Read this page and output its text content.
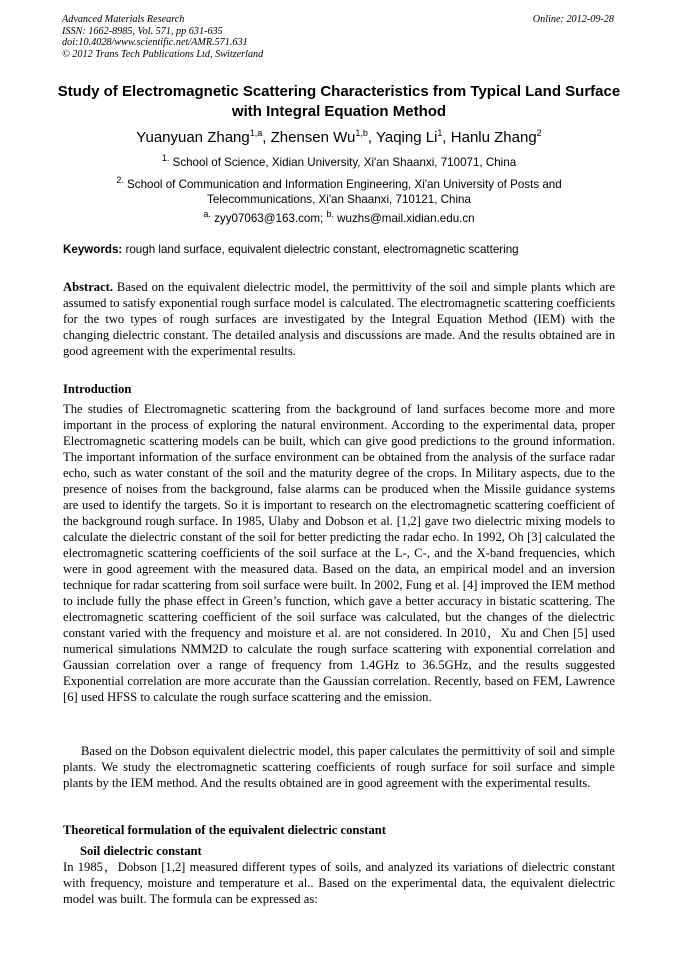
Advanced Materials Research
ISSN: 1662-8985, Vol. 571, pp 631-635
doi:10.4028/www.scientific.net/AMR.571.631
© 2012 Trans Tech Publications Ltd, Switzerland
Online: 2012-09-28
Study of Electromagnetic Scattering Characteristics from Typical Land Surface with Integral Equation Method
Yuanyuan Zhang$^{1,a}$, Zhensen Wu$^{1,b}$, Yaqing Li$^1$, Hanlu Zhang$^2$
$^{1.}$ School of Science, Xidian University, Xi'an Shaanxi, 710071, China
$^{2.}$ School of Communication and Information Engineering, Xi'an University of Posts and Telecommunications, Xi'an Shaanxi, 710121, China
$^{a.}$ zyy07063@163.com; $^{b.}$ wuzhs@mail.xidian.edu.cn
Keywords: rough land surface, equivalent dielectric constant, electromagnetic scattering

Abstract. Based on the equivalent dielectric model, the permittivity of the soil and simple plants which are assumed to satisfy exponential rough surface model is calculated. The electromagnetic scattering coefficients for the two types of rough surfaces are investigated by the Integral Equation Method (IEM) with the changing dielectric constant. The detailed analysis and discussions are made. And the results obtained are in good agreement with the experimental results.

Introduction

The studies of Electromagnetic scattering from the background of land surfaces become more and more important in the process of exploring the natural environment. According to the experimental data, proper Electromagnetic scattering models can be built, which can give good predictions to the ground information. The important information of the surface environment can be obtained from the analysis of the surface radar echo, such as water constant of the soil and the maturity degree of the crops. In Military aspects, due to the presence of noises from the background, false alarms can be produced when the Missile guidance systems are used to identify the targets. So it is important to research on the electromagnetic scattering coefficient of the background rough surface. In 1985, Ulaby and Dobson et al. [1,2] gave two dielectric mixing models to calculate the dielectric constant of the soil for better predicting the radar echo. In 1992, Oh [3] calculated the electromagnetic scattering coefficients of the soil surface at the L-, C-, and the X-band frequencies, which were in good agreement with the measured data. Based on the data, an empirical model and an inversion technique for radar scattering from soil surface were built. In 2002, Fung et al. [4] improved the IEM method to include fully the phase effect in Green’s function, which gave a better accuracy in bistatic scattering. The electromagnetic scattering coefficient of the soil surface was calculated, but the changes of the dielectric constant varied with the frequency and moisture et al. are not considered. In 2010，Xu and Chen [5] used numerical simulations NMM2D to calculate the rough surface scattering with exponential correlation and Gaussian correlation over a range of frequency from 1.4GHz to 36.5GHz, and the results suggested Exponential correlation are more accurate than the Gaussian correlation. Recently, based on FEM, Lawrence [6] used HFSS to calculate the rough surface scattering and the emission.

Based on the Dobson equivalent dielectric model, this paper calculates the permittivity of soil and simple plants. We study the electromagnetic scattering coefficients of rough surface for soil surface and simple plants by the IEM method. And the results obtained are in good agreement with the experimental results.

Theoretical formulation of the equivalent dielectric constant
Soil dielectric constant

In 1985，Dobson [1,2] measured different types of soils, and analyzed its variations of dielectric constant with frequency, moisture and temperature et al.. Based on the experimental data, the equivalent dielectric model was built. The formula can be expressed as:
